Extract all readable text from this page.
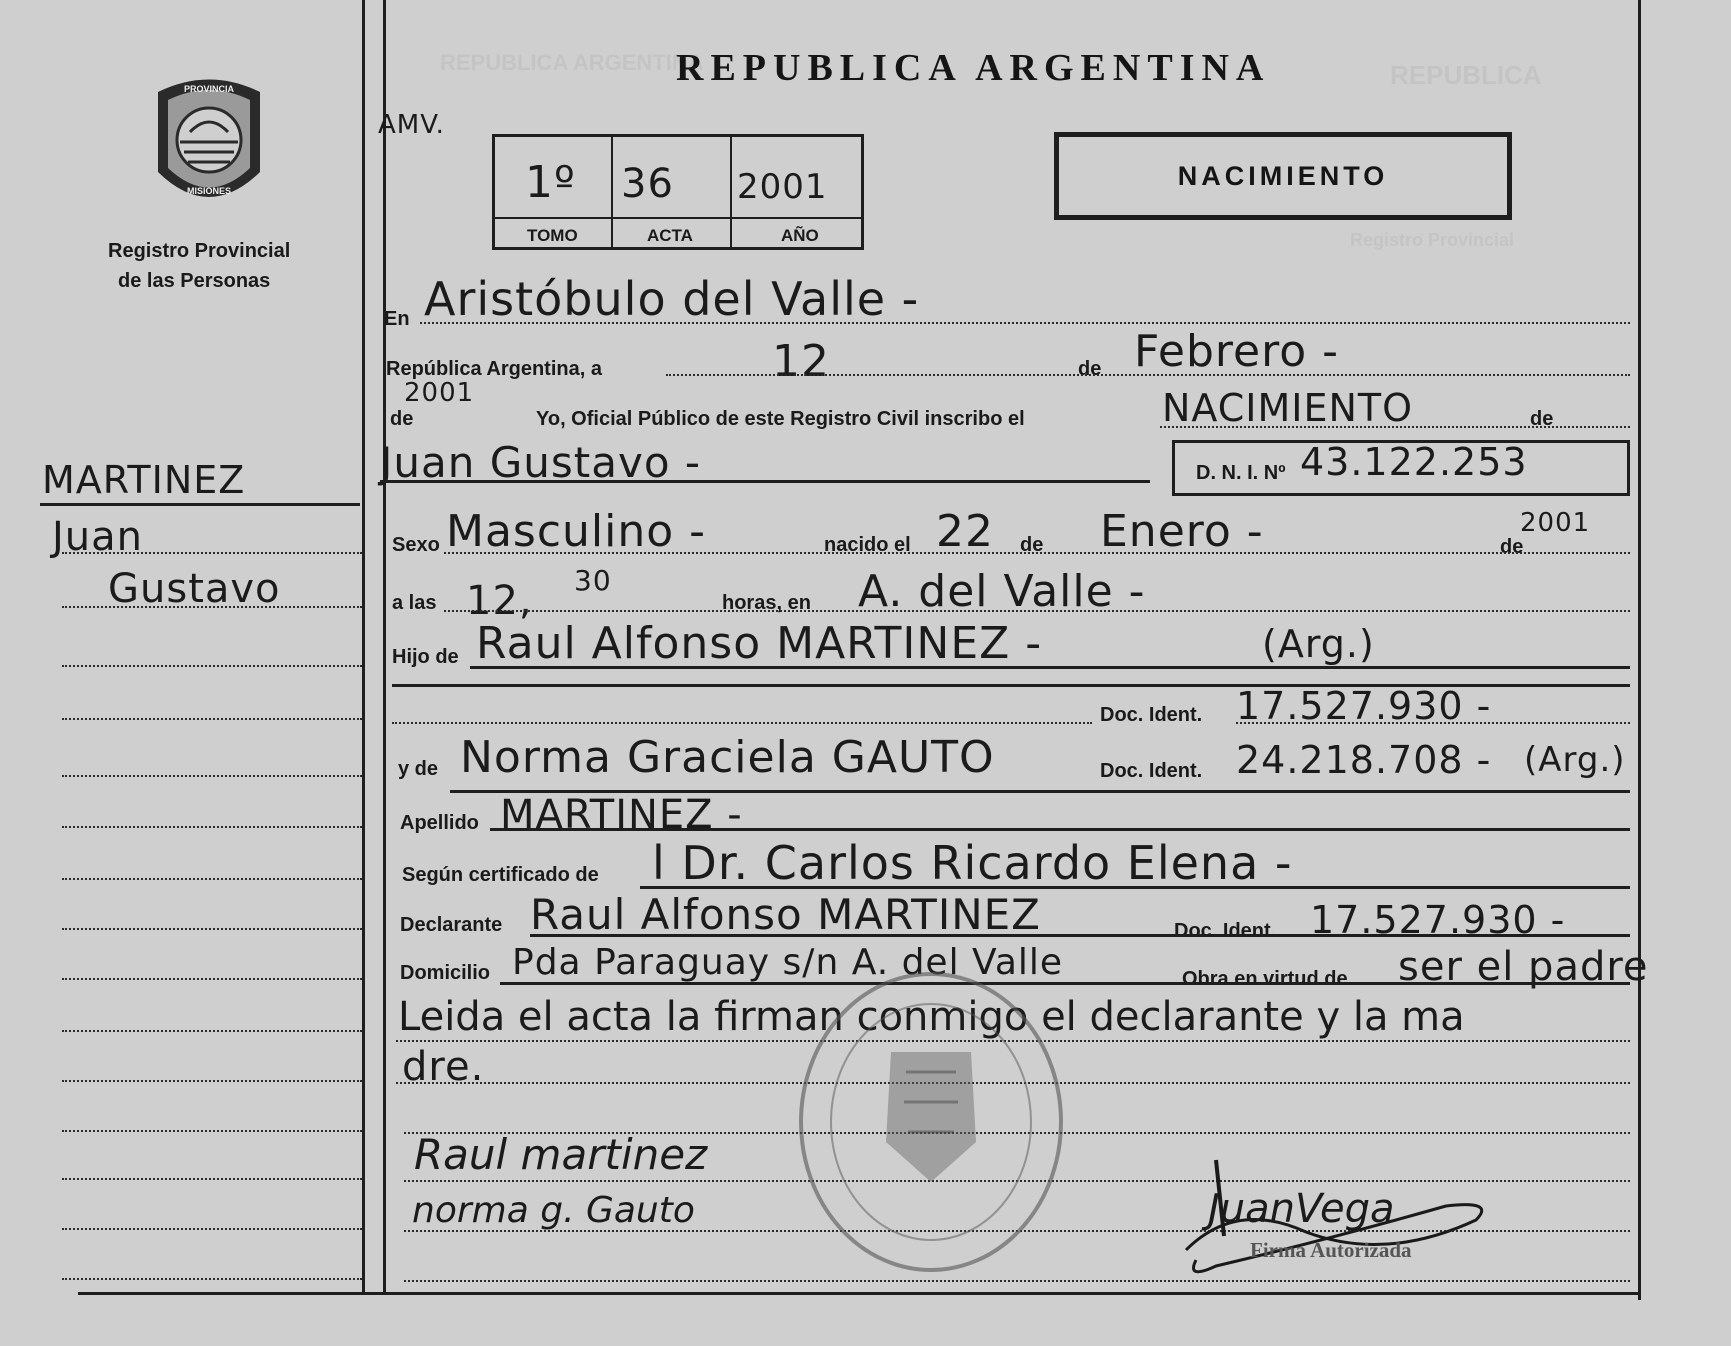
REPUBLICA
Registro Provincial
REPUBLICA ARGENTINA
PROVINCIA
MISIONES
Registro Provincial
de las Personas
REPUBLICA ARGENTINA
AMV.
1º 36 2001
TOMO	ACTA	AÑO
NACIMIENTO
MARTINEZ
Juan
Gustavo
En Aristóbulo del Valle -
República Argentina, a	12	de Febrero -
2001
de	Yo, Oficial Público de este Registro Civil inscribo el	NACIMIENTO	de
Juan Gustavo -	D. N. I. Nº 43.122.253
Sexo Masculino -	nacido el 22 de Enero -	de
2001
a las 12, 30
horas, en A. del Valle -
Hijo de Raul Alfonso MARTINEZ -	(Arg.)
Doc. Ident. 17.527.930 -
y de Norma Graciela GAUTO	Doc. Ident. 24.218.708 - (Arg.)
Apellido MARTINEZ -
Según certificado de l Dr. Carlos Ricardo Elena -
Declarante Raul Alfonso MARTINEZ	Doc. Ident. 17.527.930 -
Domicilio Pda Paraguay s/n A. del Valle	Obra en virtud de ser el padre
Leida el acta la firman conmigo el declarante y la ma
dre.
Raul martinez
norma g. Gauto	JuanVega
Firma Autorizada
